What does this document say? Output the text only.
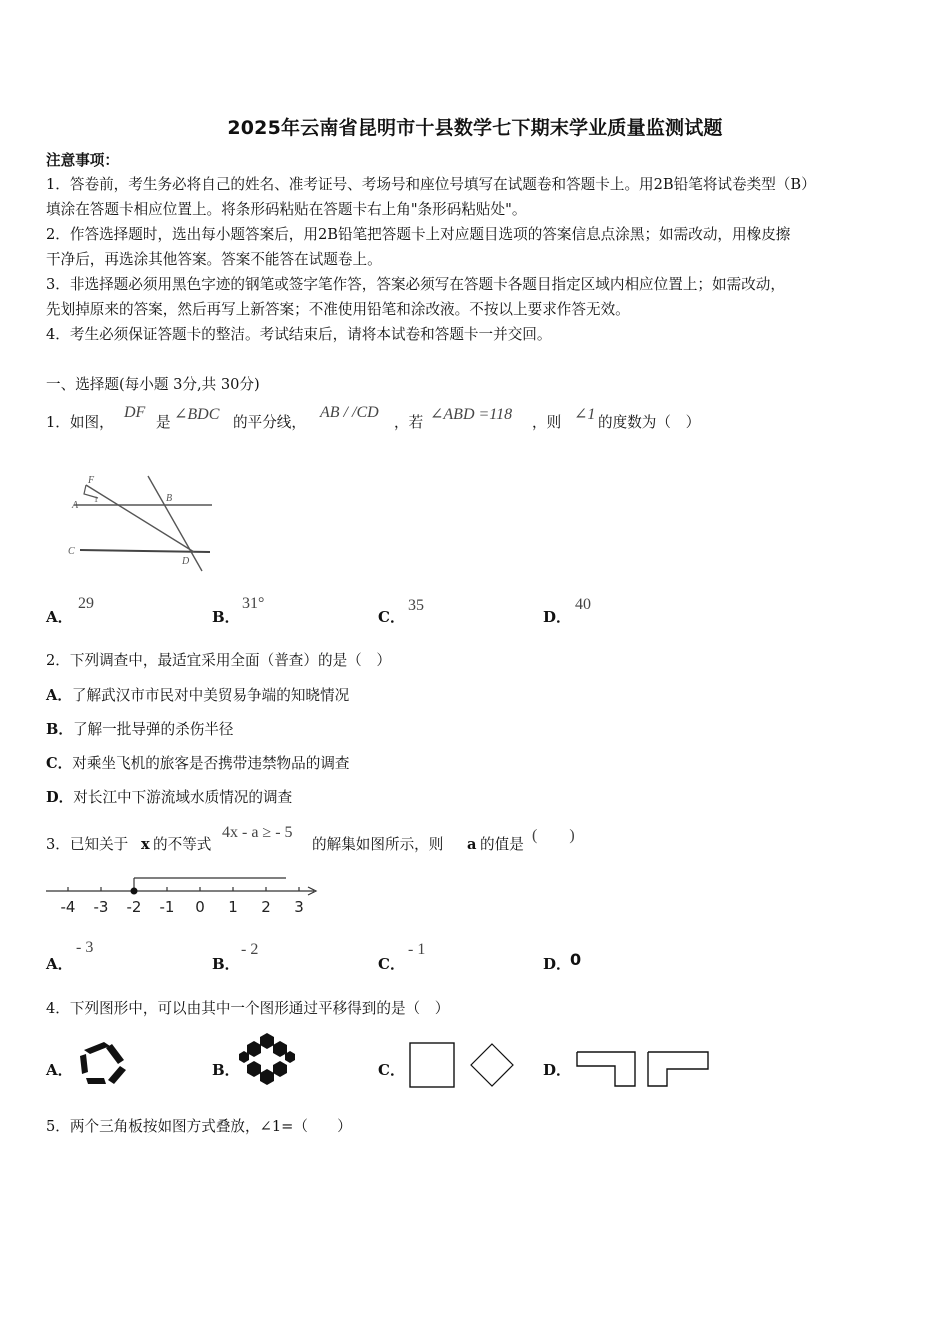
2025年云南省昆明市十县数学七下期末学业质量监测试题
注意事项：
1．答卷前，考生务必将自己的姓名、准考证号、考场号和座位号填写在试题卷和答题卡上。用2B铅笔将试卷类型（B）
填涂在答题卡相应位置上。将条形码粘贴在答题卡右上角"条形码粘贴处"。
2．作答选择题时，选出每小题答案后，用2B铅笔把答题卡上对应题目选项的答案信息点涂黑；如需改动，用橡皮擦
干净后，再选涂其他答案。答案不能答在试题卷上。
3．非选择题必须用黑色字迹的钢笔或签字笔作答，答案必须写在答题卡各题目指定区域内相应位置上；如需改动，
先划掉原来的答案，然后再写上新答案；不准使用铅笔和涂改液。不按以上要求作答无效。
4．考生必须保证答题卡的整洁。考试结束后，请将本试卷和答题卡一并交回。
一、选择题(每小题 3分,共 30分)
1．如图，
DF
是 ∠BDC 的平分线，
AB / /CD
，若 ∠ABD =118 ，则 ∠1 的度数为（　）
F
A
1	B
C
D
A．
29
B．
31°
C．
35
D．
40
2．下列调查中，最适宜采用全面（普查）的是（　）
A．了解武汉市市民对中美贸易争端的知晓情况
B．了解一批导弹的杀伤半径
C．对乘坐飞机的旅客是否携带违禁物品的调查
D．对长江中下游流域水质情况的调查
3．已知关于 x 的不等式
4x - a ≥ - 5
的解集如图所示，则 a 的值是
(　　)
-4 -3 -2 -1 0 1 2 3
A．
- 3
B．
- 2
C．
- 1
D．
0
4．下列图形中，可以由其中一个图形通过平移得到的是（　）
A．	B．	C．	D．
5．两个三角板按如图方式叠放，∠1=（　　）
